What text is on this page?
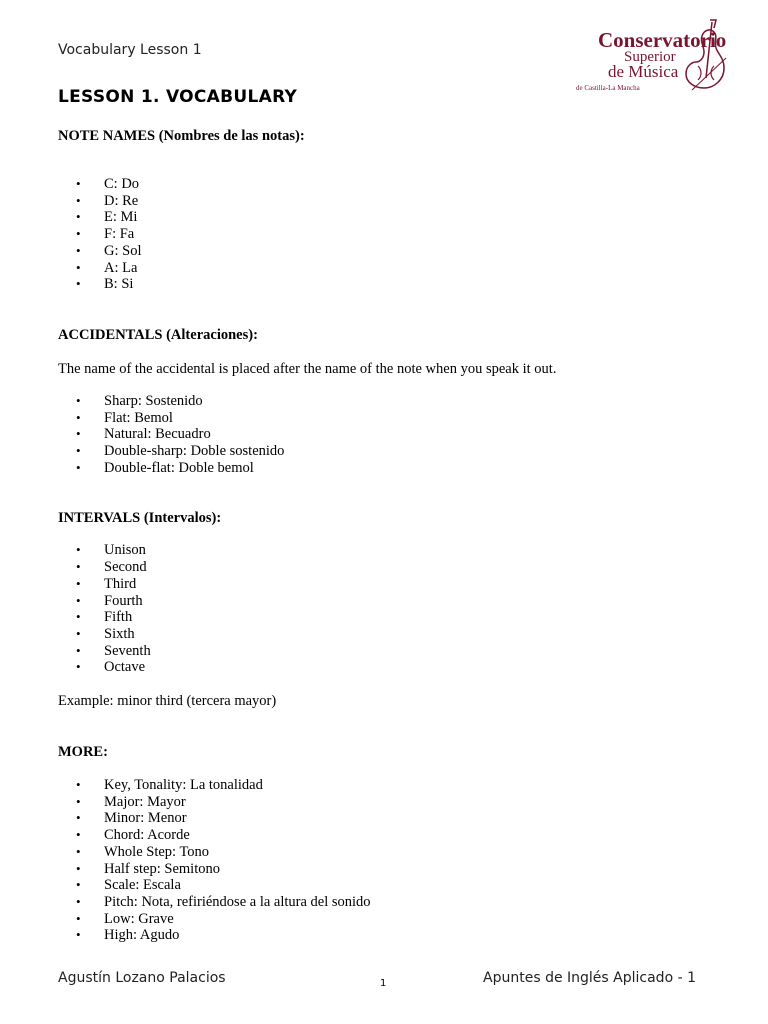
Vocabulary Lesson 1	Conservatorio
Superior
de Música
de Castilla-La Mancha
LESSON 1. VOCABULARY

NOTE NAMES (Nombres de las notas):

• C: Do
• D: Re
• E: Mi
• F: Fa
• G: Sol
• A: La
• B: Si

ACCIDENTALS (Alteraciones):

The name of the accidental is placed after the name of the note when you speak it out.

• Sharp: Sostenido
• Flat: Bemol
• Natural: Becuadro
• Double-sharp: Doble sostenido
• Double-flat: Doble bemol

INTERVALS (Intervalos):

• Unison
• Second
• Third
• Fourth
• Fifth
• Sixth
• Seventh
• Octave

Example: minor third (tercera mayor)

MORE:

• Key, Tonality: La tonalidad
• Major: Mayor
• Minor: Menor
• Chord: Acorde
• Whole Step: Tono
• Half step: Semitono
• Scale: Escala
• Pitch: Nota, refiriéndose a la altura del sonido
• Low: Grave
• High: Agudo
Agustín Lozano Palacios	1	Apuntes de Inglés Aplicado - 1
